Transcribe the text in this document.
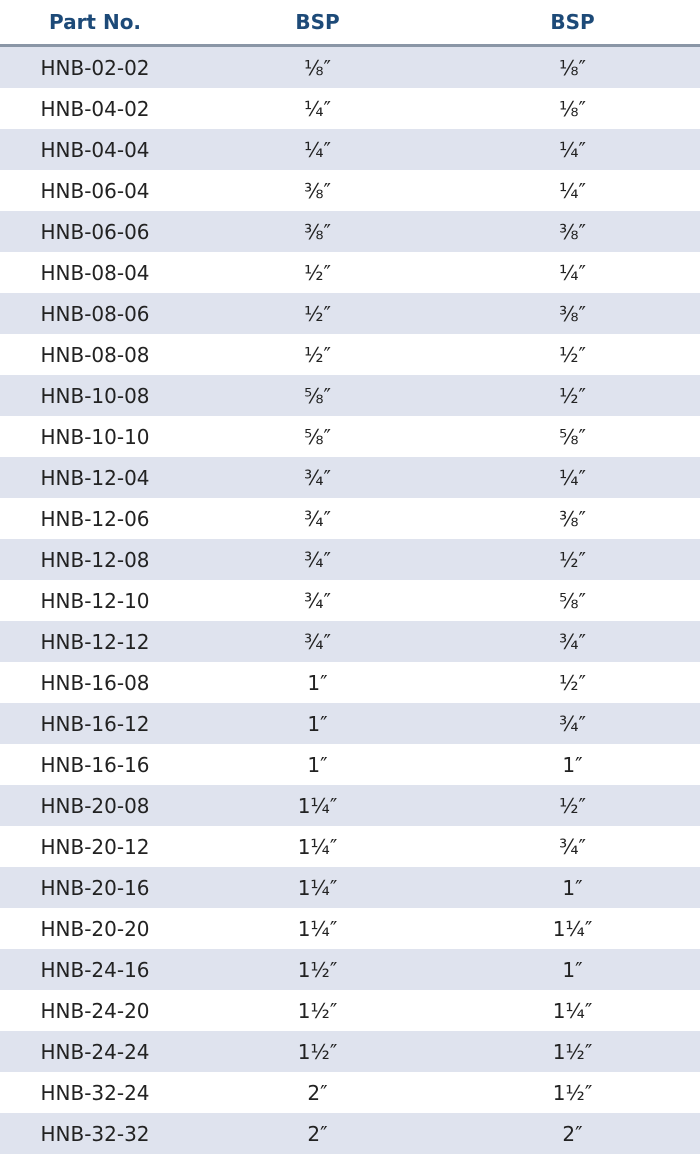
Part No.	BSP	BSP
HNB-02-02	⅛″	⅛″
HNB-04-02	¼″	⅛″
HNB-04-04	¼″	¼″
HNB-06-04	⅜″	¼″
HNB-06-06	⅜″	⅜″
HNB-08-04	½″	¼″
HNB-08-06	½″	⅜″
HNB-08-08	½″	½″
HNB-10-08	⅝″	½″
HNB-10-10	⅝″	⅝″
HNB-12-04	¾″	¼″
HNB-12-06	¾″	⅜″
HNB-12-08	¾″	½″
HNB-12-10	¾″	⅝″
HNB-12-12	¾″	¾″
HNB-16-08	1″	½″
HNB-16-12	1″	¾″
HNB-16-16	1″	1″
HNB-20-08	1¼″	½″
HNB-20-12	1¼″	¾″
HNB-20-16	1¼″	1″
HNB-20-20	1¼″	1¼″
HNB-24-16	1½″	1″
HNB-24-20	1½″	1¼″
HNB-24-24	1½″	1½″
HNB-32-24	2″	1½″
HNB-32-32	2″	2″
